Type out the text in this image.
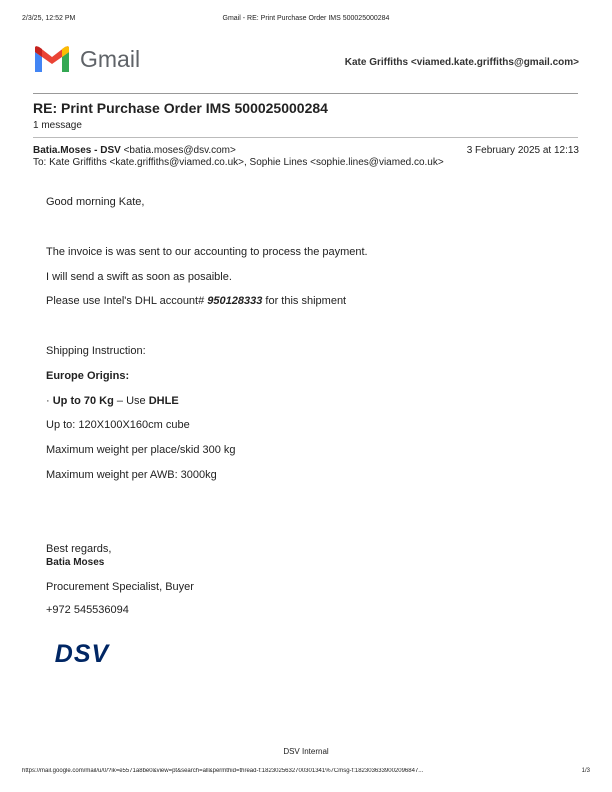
2/3/25, 12:52 PM	Gmail - RE: Print Purchase Order IMS 500025000284
Gmail	Kate Griffiths <viamed.kate.griffiths@gmail.com>
RE: Print Purchase Order IMS 500025000284
1 message
Batia.Moses - DSV <batia.moses@dsv.com>	3 February 2025 at 12:13
To: Kate Griffiths <kate.griffiths@viamed.co.uk>, Sophie Lines <sophie.lines@viamed.co.uk>
Good morning Kate,
The invoice is was sent to our accounting to process the payment.
I will send a swift as soon as posaible.
Please use Intel's DHL account# 950128333 for this shipment
Shipping Instruction:
Europe Origins:
· Up to 70 Kg – Use DHLE
Up to: 120X100X160cm cube
Maximum weight per place/skid 300 kg
Maximum weight per AWB: 3000kg
Best regards,
Batia Moses
Procurement Specialist, Buyer
+972 545536094
DSV
DSV Internal
https://mail.google.com/mail/u/0/?ik=e5571a8be0&view=pt&search=all&permthid=thread-f:1823025632700301341%7Cmsg-f:1823036339002096847...	1/3
